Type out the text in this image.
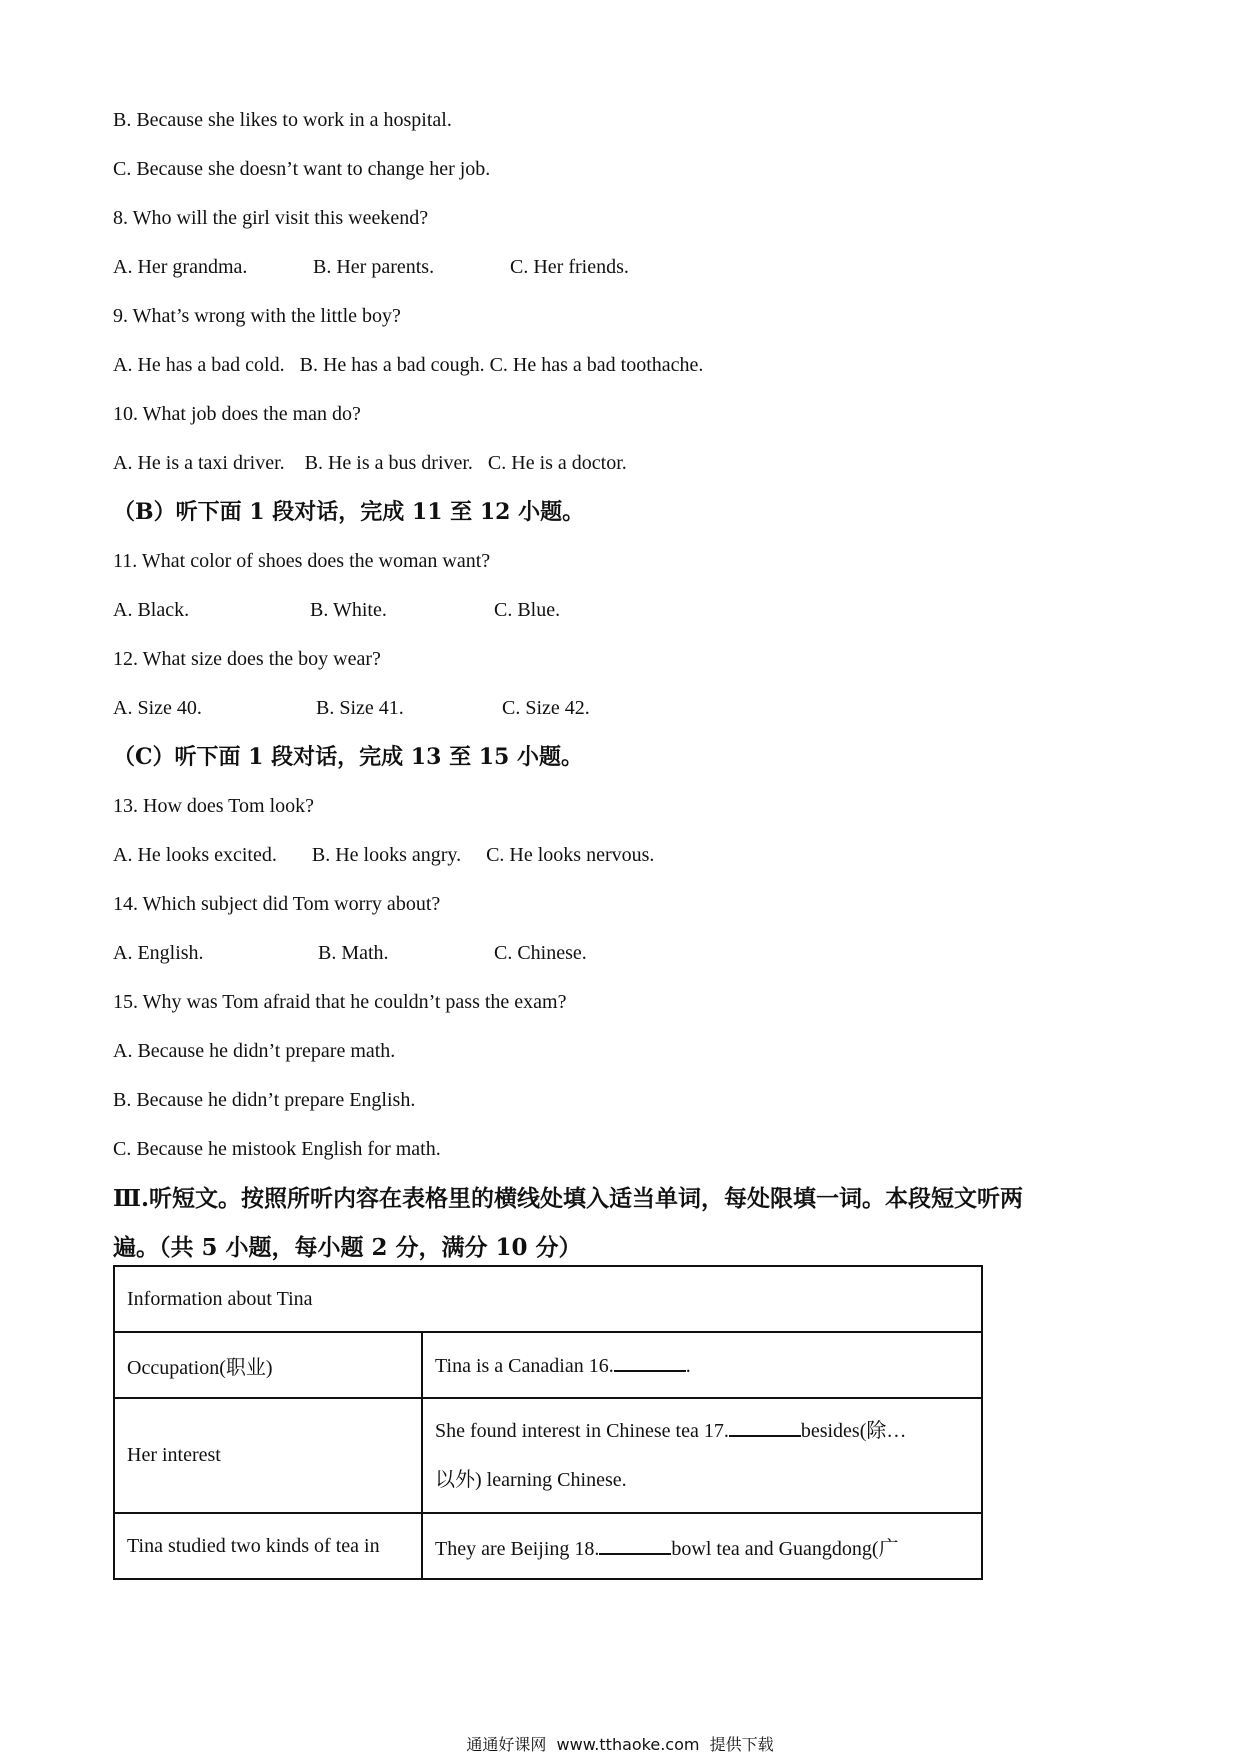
B. Because she likes to work in a hospital.
C. Because she doesn’t want to change her job.
8. Who will the girl visit this weekend?
A. Her grandma.	B. Her parents.	C. Her friends.
9. What’s wrong with the little boy?
A. He has a bad cold.   B. He has a bad cough. C. He has a bad toothache.
10. What job does the man do?
A. He is a taxi driver.    B. He is a bus driver.   C. He is a doctor.
（B）听下面 1 段对话，完成 11 至 12 小题。
11. What color of shoes does the woman want?
A. Black.	B. White.	C. Blue.
12. What size does the boy wear?
A. Size 40.	B. Size 41.	C. Size 42.
（C）听下面 1 段对话，完成 13 至 15 小题。
13. How does Tom look?
A. He looks excited.       B. He looks angry.     C. He looks nervous.
14. Which subject did Tom worry about?
A. English.	B. Math.	C. Chinese.
15. Why was Tom afraid that he couldn’t pass the exam?
A. Because he didn’t prepare math.
B. Because he didn’t prepare English.
C. Because he mistook English for math.
Ⅲ.听短文。按照所听内容在表格里的横线处填入适当单词，每处限填一词。本段短文听两
遍。（共 5 小题，每小题 2 分，满分 10 分）
Information about Tina	
Occupation(职业)	Tina is a Canadian 16. .
Her interest	She found interest in Chinese tea 17. besides(除…
以外) learning Chinese.
Tina studied two kinds of tea in	They are Beijing 18. bowl tea and Guangdong(广
通通好课网  www.tthaoke.com  提供下载
